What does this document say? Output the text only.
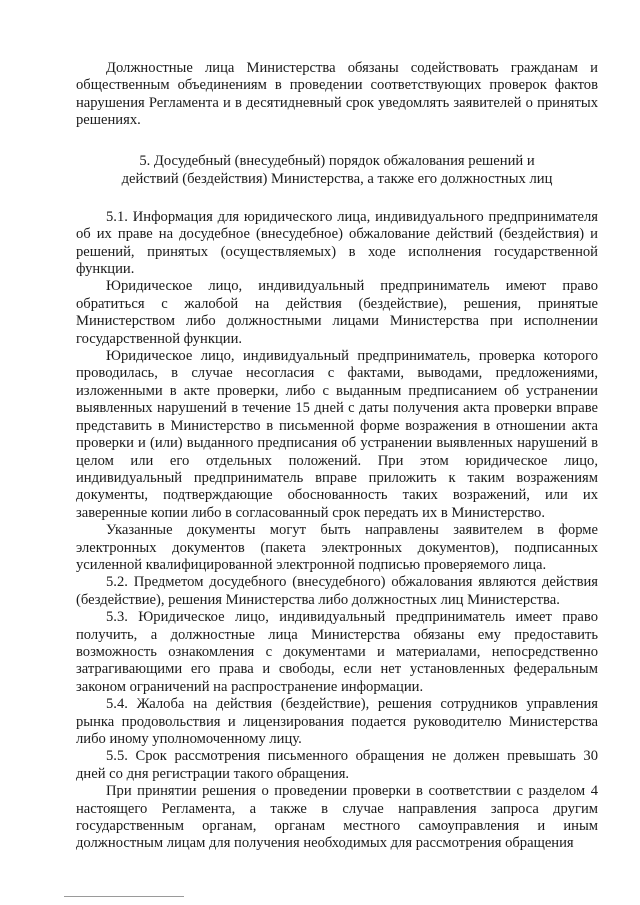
Должностные лица Министерства обязаны содействовать гражданам и общественным объединениям в проведении соответствующих проверок фактов нарушения Регламента и в десятидневный срок уведомлять заявителей о принятых решениях.

5. Досудебный (внесудебный) порядок обжалования решений и
действий (бездействия) Министерства, а также его должностных лиц

5.1. Информация для юридического лица, индивидуального предпринимателя об их праве на досудебное (внесудебное) обжалование действий (бездействия) и решений, принятых (осуществляемых) в ходе исполнения государственной функции.

Юридическое лицо, индивидуальный предприниматель имеют право обратиться с жалобой на действия (бездействие), решения, принятые Министерством либо должностными лицами Министерства при исполнении государственной функции.

Юридическое лицо, индивидуальный предприниматель, проверка которого проводилась, в случае несогласия с фактами, выводами, предложениями, изложенными в акте проверки, либо с выданным предписанием об устранении выявленных нарушений в течение 15 дней с даты получения акта проверки вправе представить в Министерство в письменной форме возражения в отношении акта проверки и (или) выданного предписания об устранении выявленных нарушений в целом или его отдельных положений. При этом юридическое лицо, индивидуальный предприниматель вправе приложить к таким возражениям документы, подтверждающие обоснованность таких возражений, или их заверенные копии либо в согласованный срок передать их в Министерство.

Указанные документы могут быть направлены заявителем в форме электронных документов (пакета электронных документов), подписанных усиленной квалифицированной электронной подписью проверяемого лица.

5.2. Предметом досудебного (внесудебного) обжалования являются действия (бездействие), решения Министерства либо должностных лиц Министерства.

5.3. Юридическое лицо, индивидуальный предприниматель имеет право получить, а должностные лица Министерства обязаны ему предоставить возможность ознакомления с документами и материалами, непосредственно затрагивающими его права и свободы, если нет установленных федеральным законом ограничений на распространение информации.

5.4. Жалоба на действия (бездействие), решения сотрудников управления рынка продовольствия и лицензирования подается руководителю Министерства либо иному уполномоченному лицу.

5.5. Срок рассмотрения письменного обращения не должен превышать 30 дней со дня регистрации такого обращения.

При принятии решения о проведении проверки в соответствии с разделом 4 настоящего Регламента, а также в случае направления запроса другим государственным органам, органам местного самоуправления и иным должностным лицам для получения необходимых для рассмотрения обращения
